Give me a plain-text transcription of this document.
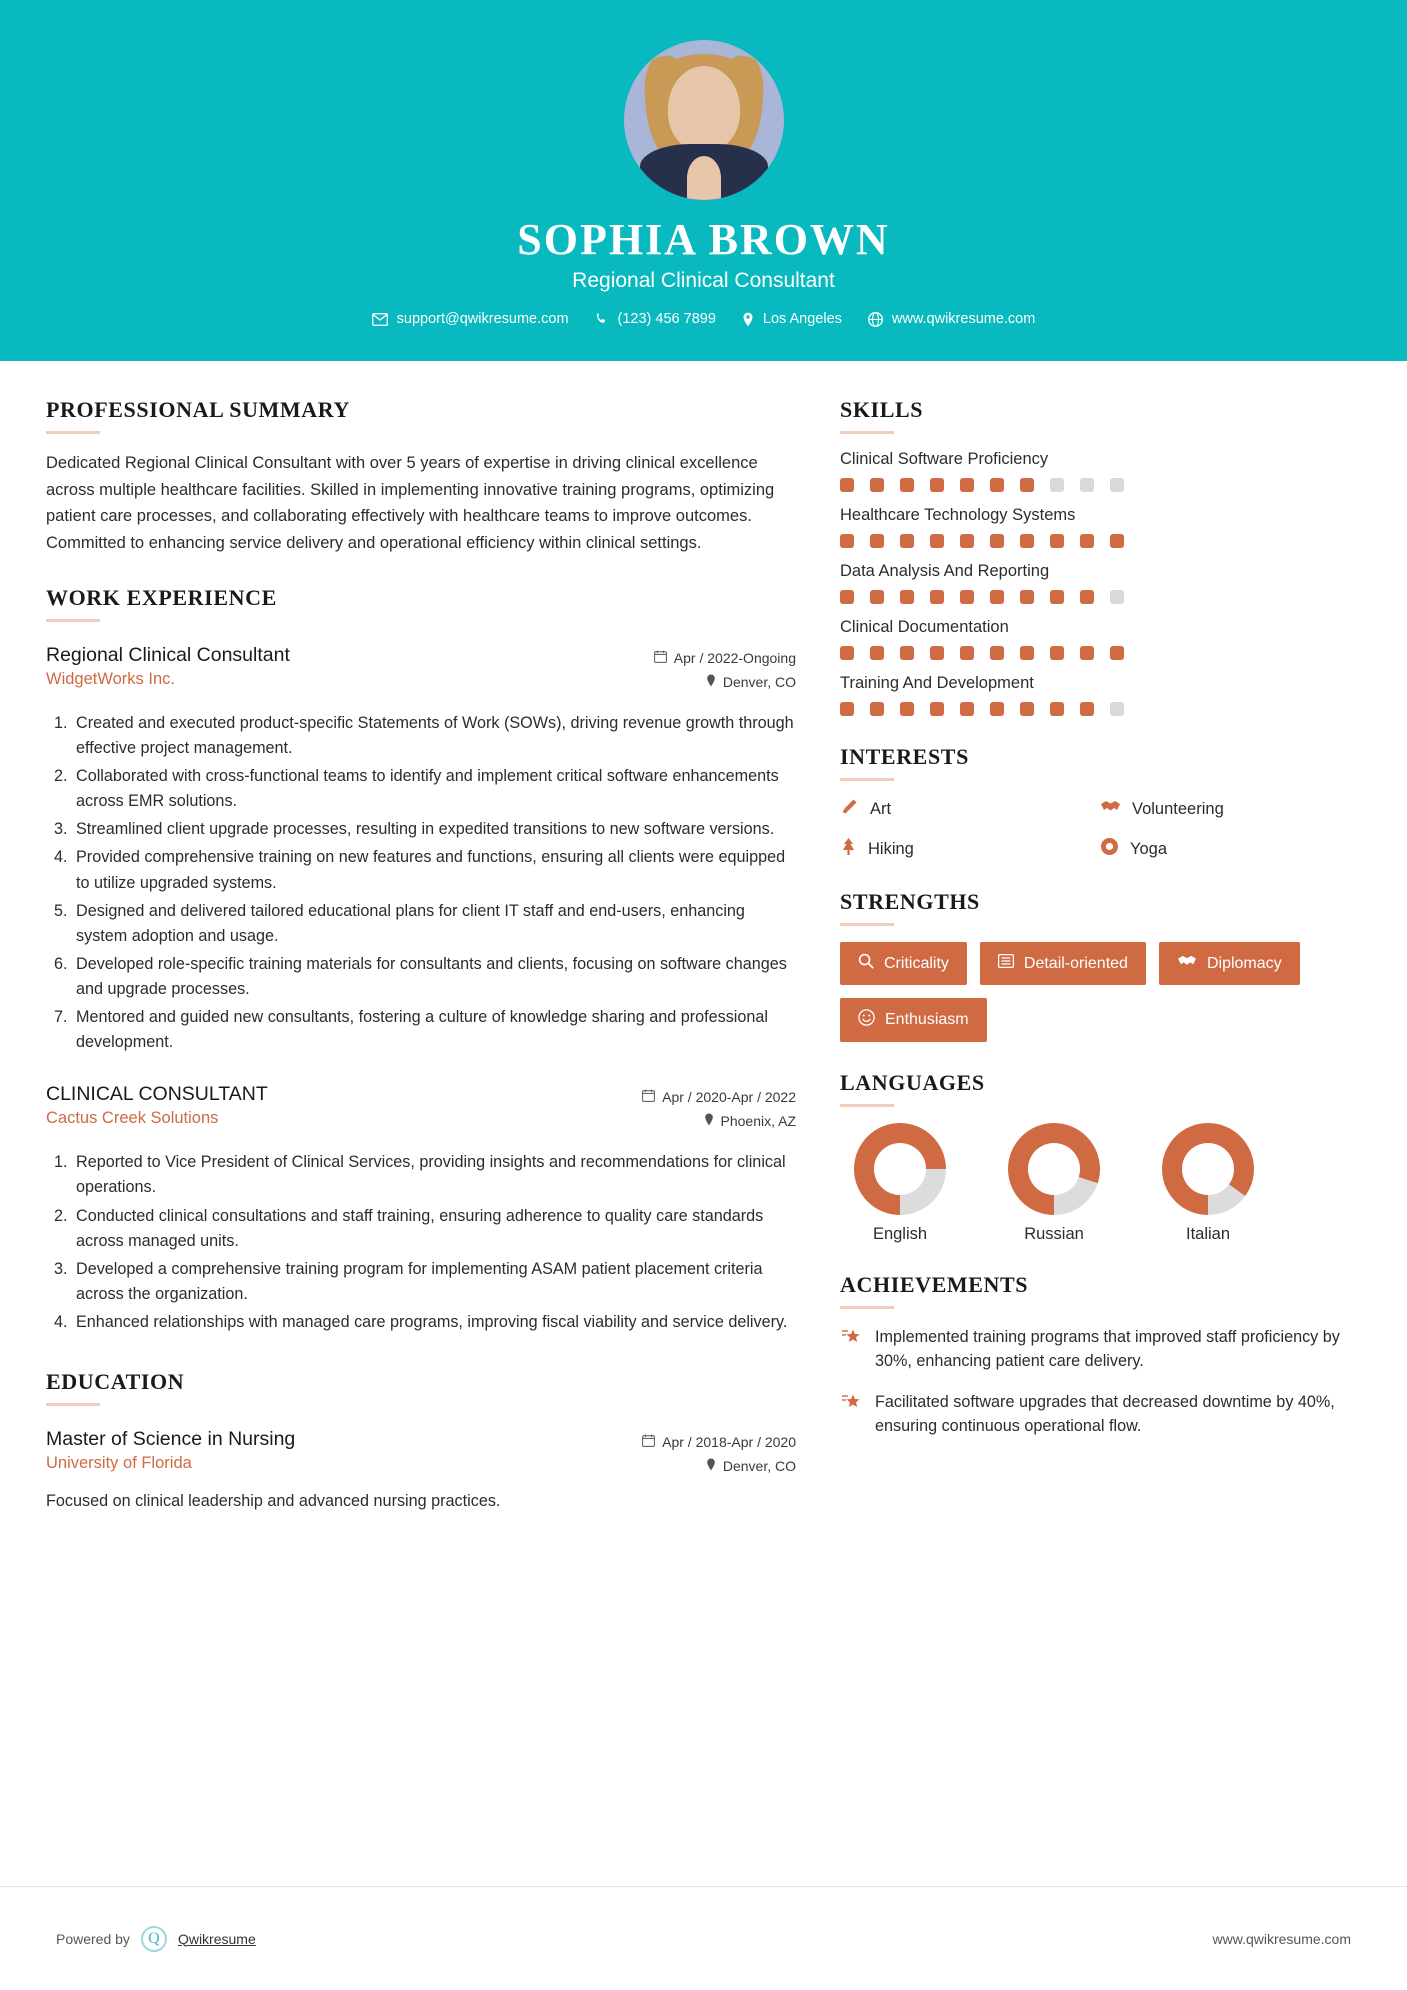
SOPHIA BROWN
Regional Clinical Consultant
support@qwikresume.com	(123) 456 7899	Los Angeles	www.qwikresume.com
PROFESSIONAL SUMMARY
Dedicated Regional Clinical Consultant with over 5 years of expertise in driving clinical excellence across multiple healthcare facilities. Skilled in implementing innovative training programs, optimizing patient care processes, and collaborating effectively with healthcare teams to improve outcomes. Committed to enhancing service delivery and operational efficiency within clinical settings.
WORK EXPERIENCE
Regional Clinical Consultant
WidgetWorks Inc.
Apr / 2022-Ongoing
Denver, CO
1. Created and executed product-specific Statements of Work (SOWs), driving revenue growth through effective project management.
2. Collaborated with cross-functional teams to identify and implement critical software enhancements across EMR solutions.
3. Streamlined client upgrade processes, resulting in expedited transitions to new software versions.
4. Provided comprehensive training on new features and functions, ensuring all clients were equipped to utilize upgraded systems.
5. Designed and delivered tailored educational plans for client IT staff and end-users, enhancing system adoption and usage.
6. Developed role-specific training materials for consultants and clients, focusing on software changes and upgrade processes.
7. Mentored and guided new consultants, fostering a culture of knowledge sharing and professional development.
CLINICAL CONSULTANT
Cactus Creek Solutions
Apr / 2020-Apr / 2022
Phoenix, AZ
1. Reported to Vice President of Clinical Services, providing insights and recommendations for clinical operations.
2. Conducted clinical consultations and staff training, ensuring adherence to quality care standards across managed units.
3. Developed a comprehensive training program for implementing ASAM patient placement criteria across the organization.
4. Enhanced relationships with managed care programs, improving fiscal viability and service delivery.
EDUCATION
Master of Science in Nursing
University of Florida
Apr / 2018-Apr / 2020
Denver, CO
Focused on clinical leadership and advanced nursing practices.
SKILLS
Clinical Software Proficiency
Healthcare Technology Systems
Data Analysis And Reporting
Clinical Documentation
Training And Development
INTERESTS
Art	Volunteering
Hiking	Yoga
STRENGTHS
Criticality	Detail-oriented	Diplomacy
Enthusiasm
LANGUAGES
English	Russian	Italian
ACHIEVEMENTS
Implemented training programs that improved staff proficiency by 30%, enhancing patient care delivery.
Facilitated software upgrades that decreased downtime by 40%, ensuring continuous operational flow.
Powered by	Q	Qwikresume	www.qwikresume.com
